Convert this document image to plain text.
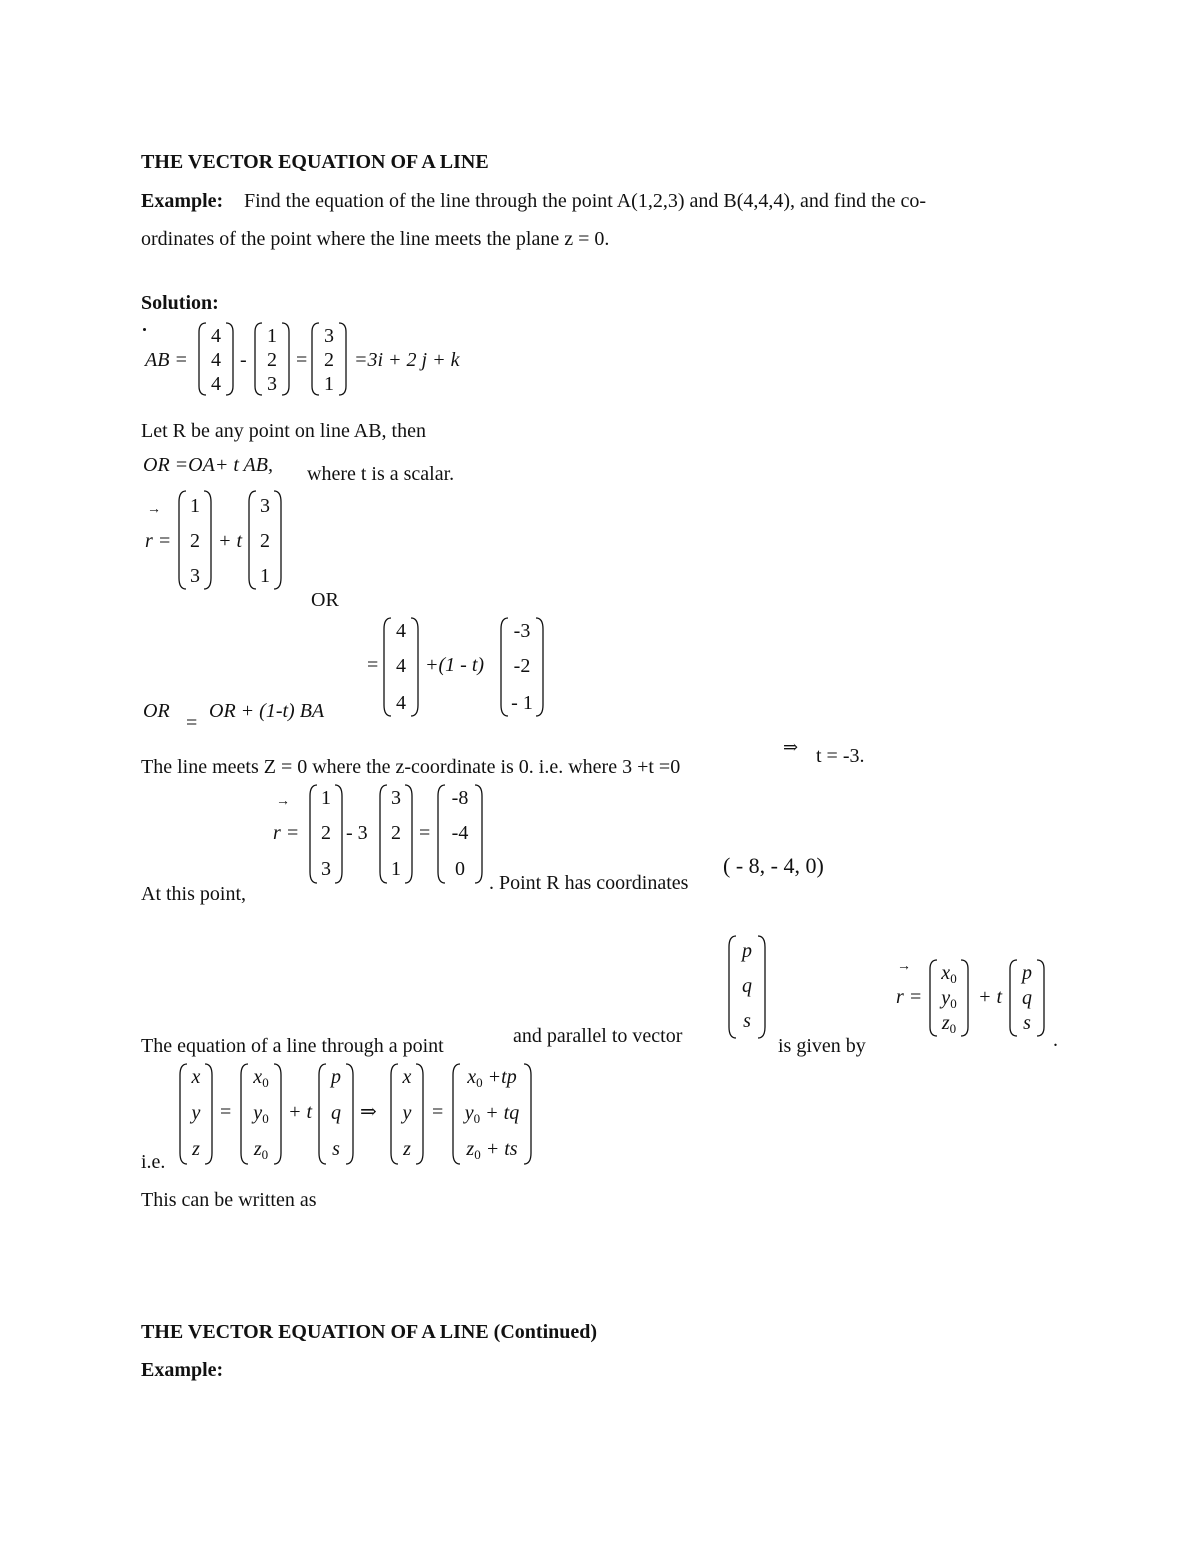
THE VECTOR EQUATION OF A LINE
Example: Find the equation of the line through the point A(1,2,3) and B(4,4,4), and find the co-
ordinates of the point where the line meets the plane z = 0.
Solution:
AB =
4
4
4
-
1
2
3
=
3
2
1
=3i + 2 j + k
Let R be any point on line AB, then
OR =OA+ t AB, where t is a scalar.
→
r =
1
2
3
+ t
3
2
1
OR
=
4
4
4
+(1 - t)
-3
-2
- 1
OR
=
OR + (1-t) BA
The line meets Z = 0 where the z-coordinate is 0. i.e. where 3 +t =0
⇒ t = -3.
→
r =
1
2
3
- 3
3
2
1
=
-8
-4
0
. Point R has coordinates
( - 8, - 4, 0)
At this point,
The equation of a line through a point	and parallel to vector
p
q
s
is given by
→
r =
$x_0$
$y_0$
$z_0$
+ t
p
q
s
.
i.e.
x
y
z
=
$x_0$
$y_0$
$z_0$
+ t
p
q
s
⇒
x
y
z
=
$x_0 +tp$
$y_0$ + tq
$z_0$ + ts
This can be written as
THE VECTOR EQUATION OF A LINE (Continued)
Example:
